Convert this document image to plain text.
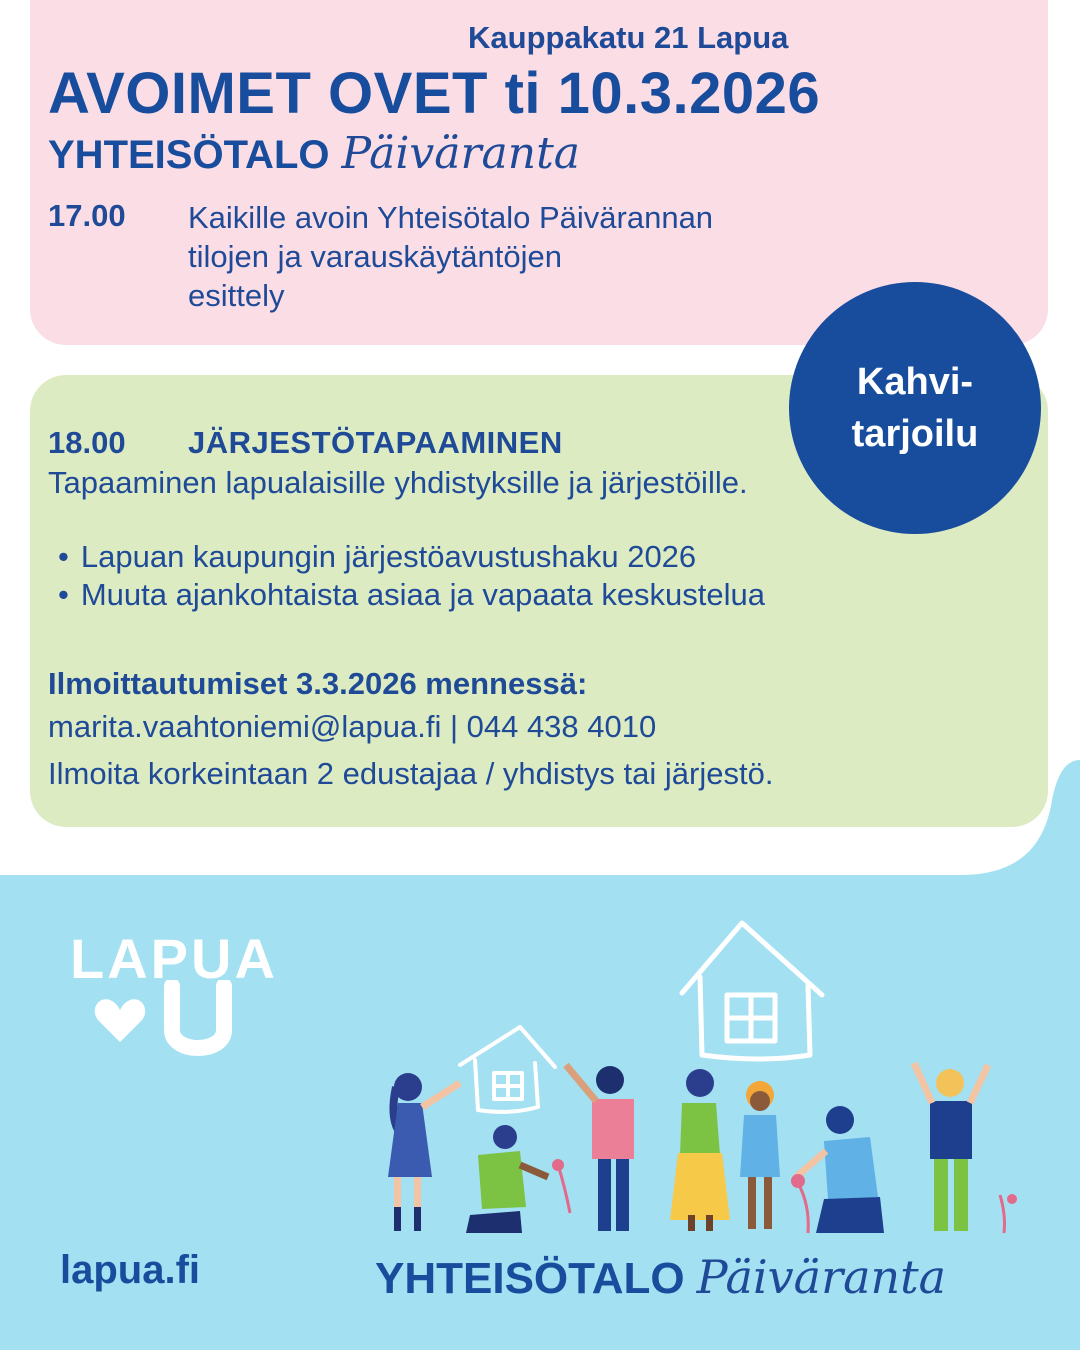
Kauppakatu 21 Lapua
AVOIMET OVET ti 10.3.2026
YHTEISÖTALO Päiväranta
17.00 Kaikille avoin Yhteisötalo Päivärannan
tilojen ja varauskäytäntöjen
esittely
18.00 JÄRJESTÖTAPAAMINEN
Tapaaminen lapualaisille yhdistyksille ja järjestöille.
• Lapuan kaupungin järjestöavustushaku 2026
• Muuta ajankohtaista asiaa ja vapaata keskustelua
Ilmoittautumiset 3.3.2026 mennessä:
marita.vaahtoniemi@lapua.fi | 044 438 4010
Ilmoita korkeintaan 2 edustajaa / yhdistys tai järjestö.
Kahvi-
tarjoilu
LAPUA
lapua.fi	YHTEISÖTALO Päiväranta
